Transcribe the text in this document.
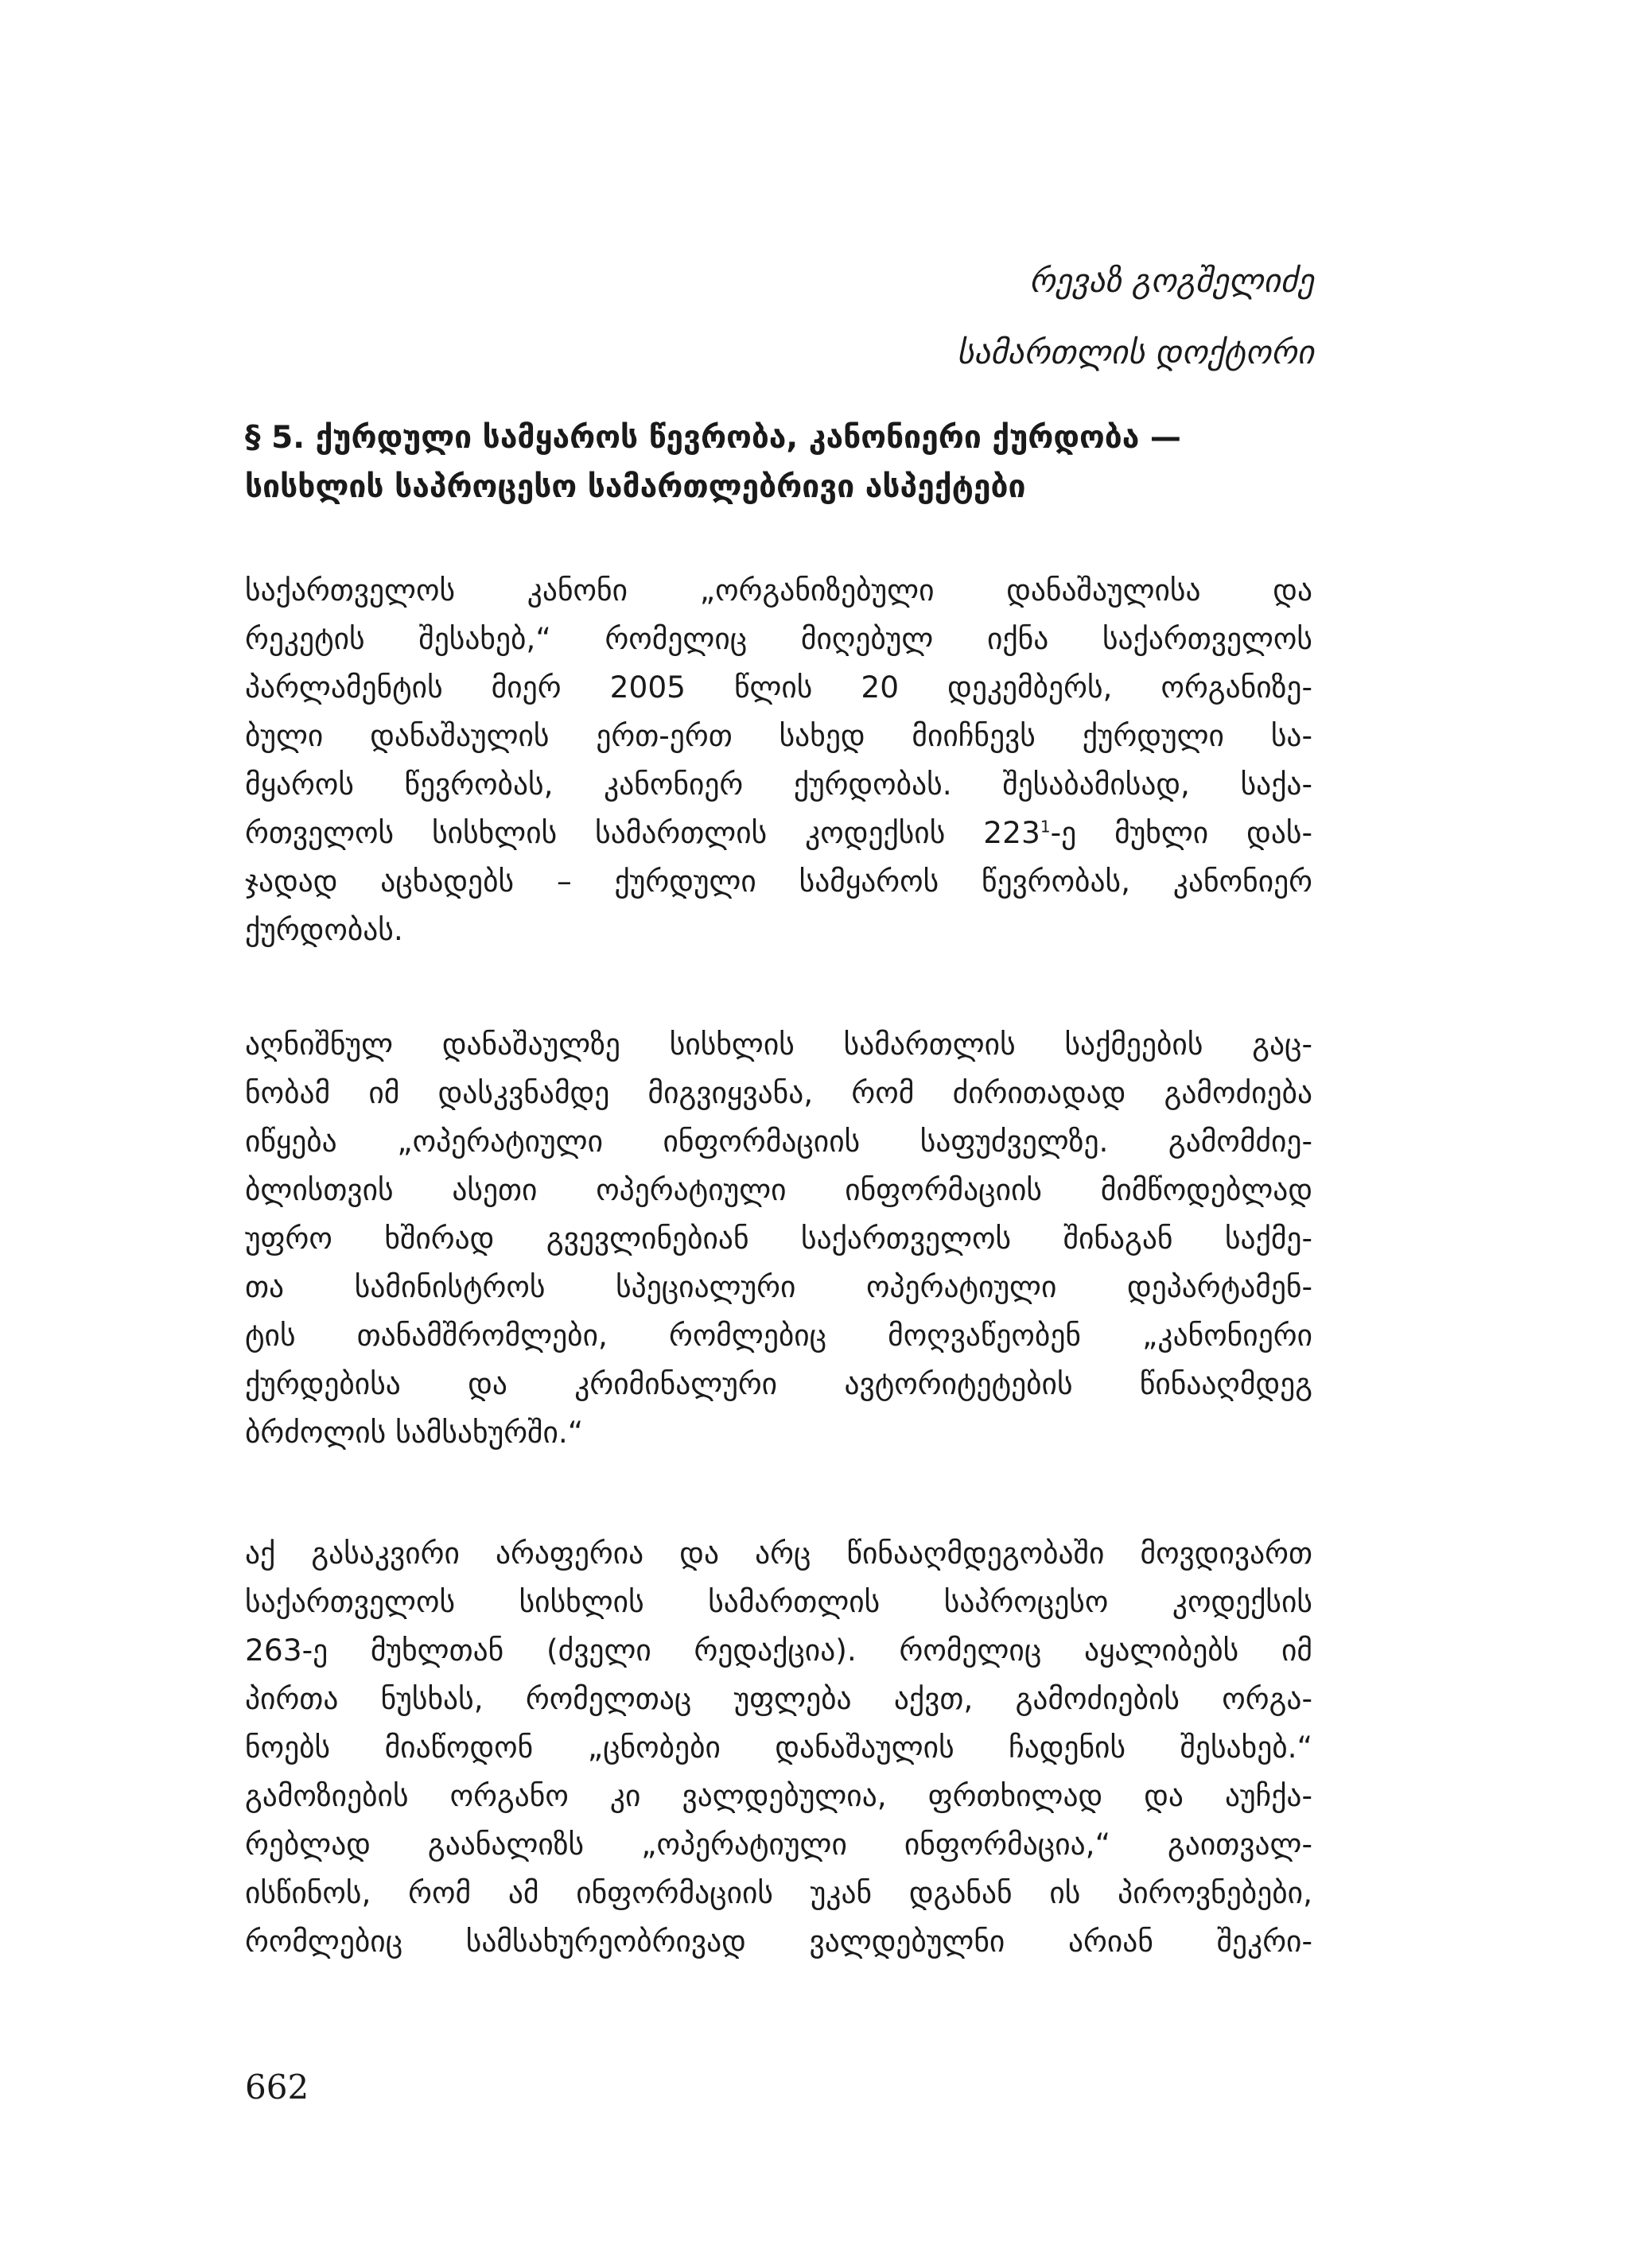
რევაზ გოგშელიძე
სამართლის დოქტორი
§ 5. ქურდული სამყაროს წევრობა, კანონიერი ქურდობა —
სისხლის საპროცესო სამართლებრივი ასპექტები
საქართველოს კანონი „ორგანიზებული დანაშაულისა და
რეკეტის შესახებ,“ რომელიც მიღებულ იქნა საქართველოს
პარლამენტის მიერ 2005 წლის 20 დეკემბერს, ორგანიზე-
ბული დანაშაულის ერთ-ერთ სახედ მიიჩნევს ქურდული სა-
მყაროს წევრობას, კანონიერ ქურდობას. შესაბამისად, საქა-
რთველოს სისხლის სამართლის კოდექსის $223^1-ე$ მუხლი დას-
ჯადად აცხადებს – ქურდული სამყაროს წევრობას, კანონიერ
ქურდობას.
აღნიშნულ დანაშაულზე სისხლის სამართლის საქმეების გაც-
ნობამ იმ დასკვნამდე მიგვიყვანა, რომ ძირითადად გამოძიება
იწყება „ოპერატიული ინფორმაციის საფუძველზე. გამომძიე-
ბლისთვის ასეთი ოპერატიული ინფორმაციის მიმწოდებლად
უფრო ხშირად გვევლინებიან საქართველოს შინაგან საქმე-
თა სამინისტროს სპეციალური ოპერატიული დეპარტამენ-
ტის თანამშრომლები, რომლებიც მოღვაწეობენ „კანონიერი
ქურდებისა და კრიმინალური ავტორიტეტების წინააღმდეგ
ბრძოლის სამსახურში.“
აქ გასაკვირი არაფერია და არც წინააღმდეგობაში მოვდივართ
საქართველოს სისხლის სამართლის საპროცესო კოდექსის
263-ე მუხლთან (ძველი რედაქცია). რომელიც აყალიბებს იმ
პირთა ნუსხას, რომელთაც უფლება აქვთ, გამოძიების ორგა-
ნოებს მიაწოდონ „ცნობები დანაშაულის ჩადენის შესახებ.“
გამოზიების ორგანო კი ვალდებულია, ფრთხილად და აუჩქა-
რებლად გაანალიზს „ოპერატიული ინფორმაცია,“ გაითვალ-
ისწინოს, რომ ამ ინფორმაციის უკან დგანან ის პიროვნებები,
რომლებიც სამსახურეობრივად ვალდებულნი არიან შეკრი-
662
